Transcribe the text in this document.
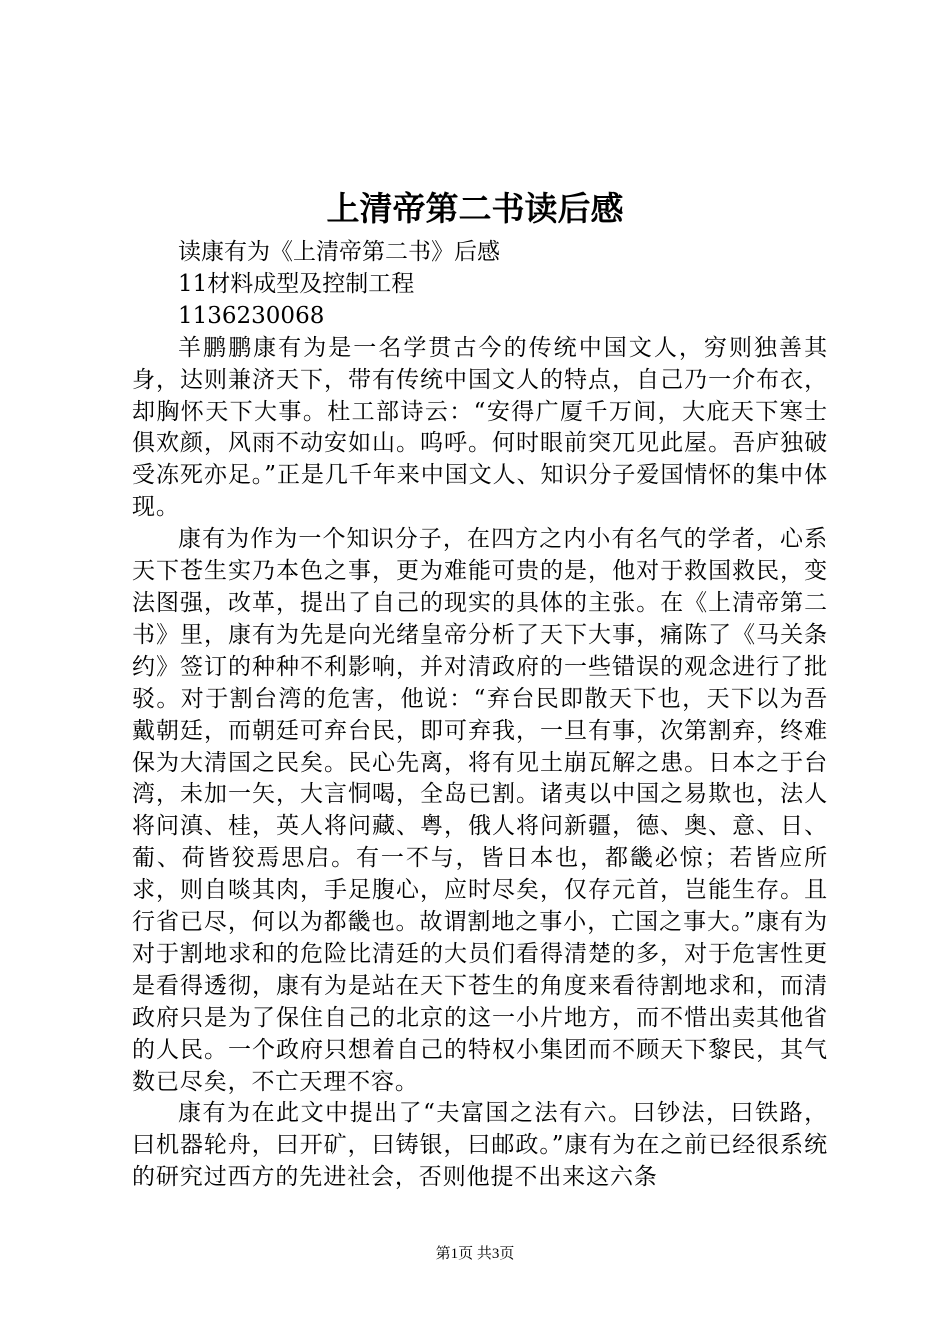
上清帝第二书读后感
读康有为《上清帝第二书》后感
11材料成型及控制工程
1136230068

羊鹏鹏康有为是一名学贯古今的传统中国文人，穷则独善其身，达则兼济天下，带有传统中国文人的特点，自己乃一介布衣，却胸怀天下大事。杜工部诗云：“安得广厦千万间，大庇天下寒士俱欢颜，风雨不动安如山。呜呼。何时眼前突兀见此屋。吾庐独破受冻死亦足。”正是几千年来中国文人、知识分子爱国情怀的集中体现。

康有为作为一个知识分子，在四方之内小有名气的学者，心系天下苍生实乃本色之事，更为难能可贵的是，他对于救国救民，变法图强，改革，提出了自己的现实的具体的主张。在《上清帝第二书》里，康有为先是向光绪皇帝分析了天下大事，痛陈了《马关条约》签订的种种不利影响，并对清政府的一些错误的观念进行了批驳。对于割台湾的危害，他说：“弃台民即散天下也，天下以为吾戴朝廷，而朝廷可弃台民，即可弃我，一旦有事，次第割弃，终难保为大清国之民矣。民心先离，将有见土崩瓦解之患。日本之于台湾，未加一矢，大言恫喝，全岛已割。诸夷以中国之易欺也，法人将问滇、桂，英人将问藏、粤，俄人将问新疆，德、奥、意、日、葡、荷皆狡焉思启。有一不与，皆日本也，都畿必惊；若皆应所求，则自啖其肉，手足腹心，应时尽矣，仅存元首，岂能生存。且行省已尽，何以为都畿也。故谓割地之事小，亡国之事大。”康有为对于割地求和的危险比清廷的大员们看得清楚的多，对于危害性更是看得透彻，康有为是站在天下苍生的角度来看待割地求和，而清政府只是为了保住自己的北京的这一小片地方，而不惜出卖其他省的人民。一个政府只想着自己的特权小集团而不顾天下黎民，其气数已尽矣，不亡天理不容。

康有为在此文中提出了“夫富国之法有六。曰钞法，曰铁路，曰机器轮舟，曰开矿，曰铸银，曰邮政。”康有为在之前已经很系统的研究过西方的先进社会，否则他提不出来这六条

第1页 共3页
